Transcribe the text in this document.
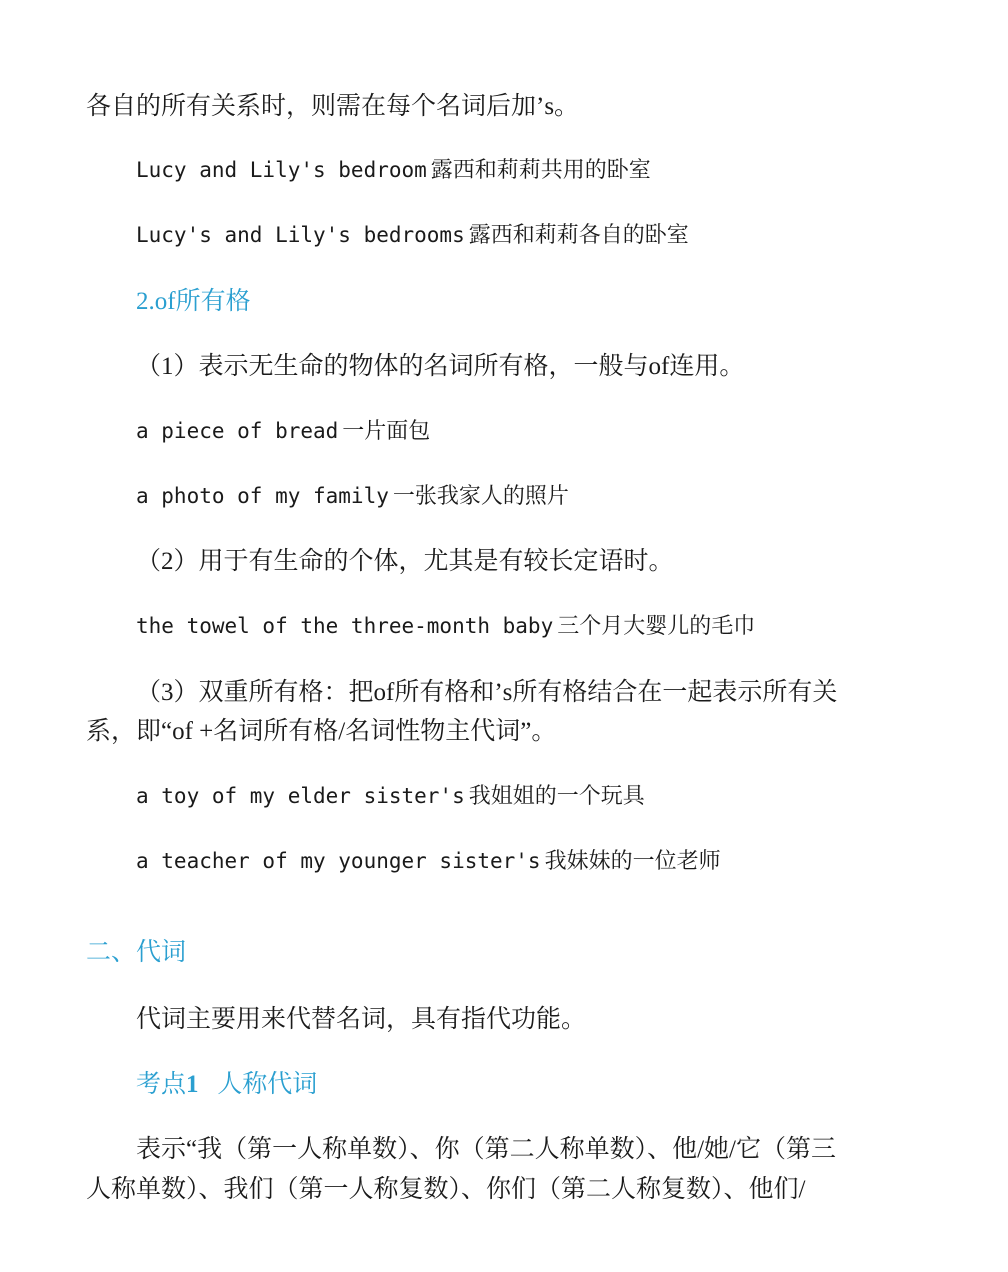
各自的所有关系时，则需在每个名词后加’s。
Lucy and Lily's bedroom 露西和莉莉共用的卧室
Lucy's and Lily's bedrooms 露西和莉莉各自的卧室
2.of所有格
（1）表示无生命的物体的名词所有格，一般与of连用。
a piece of bread 一片面包
a photo of my family 一张我家人的照片
（2）用于有生命的个体，尤其是有较长定语时。
the towel of the three-month baby 三个月大婴儿的毛巾
（3）双重所有格：把of所有格和’s所有格结合在一起表示所有关
系，即“of +名词所有格/名词性物主代词”。
a toy of my elder sister's 我姐姐的一个玩具
a teacher of my younger sister's 我妹妹的一位老师
二、代词
代词主要用来代替名词，具有指代功能。
考点1 人称代词
表示“我（第一人称单数）、你（第二人称单数）、他/她/它（第三
人称单数）、我们（第一人称复数）、你们（第二人称复数）、他们/
